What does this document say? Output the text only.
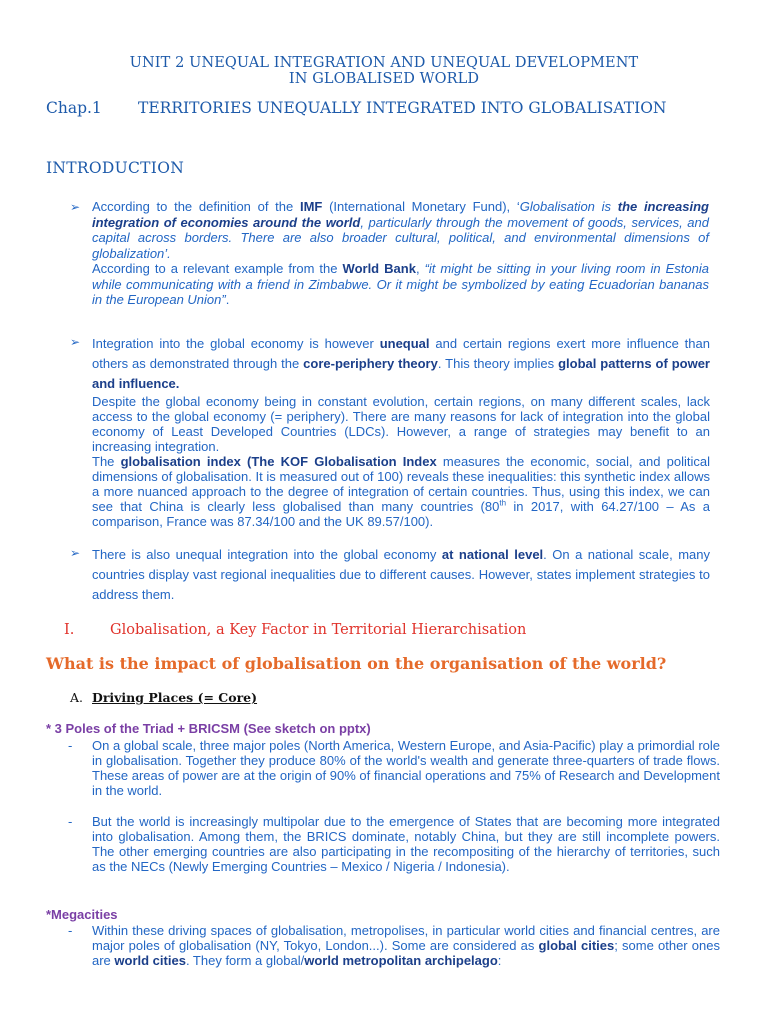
UNIT 2 UNEQUAL INTEGRATION AND UNEQUAL DEVELOPMENT
IN GLOBALISED WORLD
Chap.1 TERRITORIES UNEQUALLY INTEGRATED INTO GLOBALISATION
INTRODUCTION
➢ According to the definition of the IMF (International Monetary Fund), ‘Globalisation is the increasing integration of economies around the world, particularly through the movement of goods, services, and capital across borders. There are also broader cultural, political, and environmental dimensions of globalization’.

According to a relevant example from the World Bank, “it might be sitting in your living room in Estonia while communicating with a friend in Zimbabwe. Or it might be symbolized by eating Ecuadorian bananas in the European Union”.

➢ Integration into the global economy is however unequal and certain regions exert more influence than others as demonstrated through the core-periphery theory. This theory implies global patterns of power and influence.

Despite the global economy being in constant evolution, certain regions, on many different scales, lack access to the global economy (= periphery). There are many reasons for lack of integration into the global economy of Least Developed Countries (LDCs). However, a range of strategies may benefit to an increasing integration.

The globalisation index (The KOF Globalisation Index measures the economic, social, and political dimensions of globalisation. It is measured out of 100) reveals these inequalities: this synthetic index allows a more nuanced approach to the degree of integration of certain countries. Thus, using this index, we can see that China is clearly less globalised than many countries (80th in 2017, with 64.27/100 – As a comparison, France was 87.34/100 and the UK 89.57/100).

➢ There is also unequal integration into the global economy at national level. On a national scale, many countries display vast regional inequalities due to different causes. However, states implement strategies to address them.

I. Globalisation, a Key Factor in Territorial Hierarchisation
What is the impact of globalisation on the organisation of the world?
A. Driving Places (= Core)
* 3 Poles of the Triad + BRICSM (See sketch on pptx)
- On a global scale, three major poles (North America, Western Europe, and Asia-Pacific) play a primordial role in globalisation. Together they produce 80% of the world's wealth and generate three-quarters of trade flows. These areas of power are at the origin of 90% of financial operations and 75% of Research and Development in the world.
- But the world is increasingly multipolar due to the emergence of States that are becoming more integrated into globalisation. Among them, the BRICS dominate, notably China, but they are still incomplete powers. The other emerging countries are also participating in the recompositing of the hierarchy of territories, such as the NECs (Newly Emerging Countries – Mexico / Nigeria / Indonesia).
*Megacities
- Within these driving spaces of globalisation, metropolises, in particular world cities and financial centres, are major poles of globalisation (NY, Tokyo, London...). Some are considered as global cities; some other ones are world cities. They form a global/world metropolitan archipelago:
